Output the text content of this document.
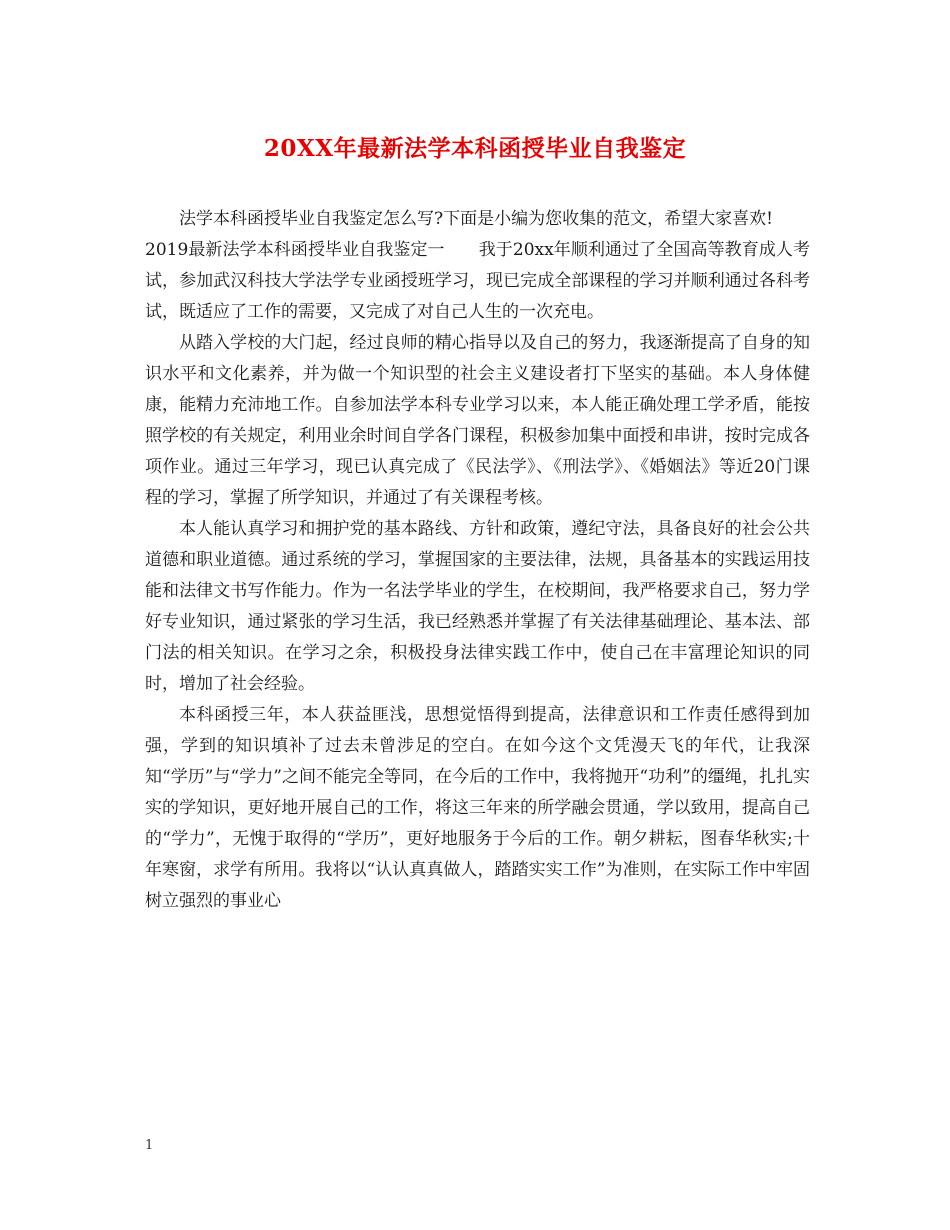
20XX年最新法学本科函授毕业自我鉴定

法学本科函授毕业自我鉴定怎么写?下面是小编为您收集的范文，希望大家喜欢!

2019最新法学本科函授毕业自我鉴定一 我于20xx年顺利通过了全国高等教育成人考试，参加武汉科技大学法学专业函授班学习，现已完成全部课程的学习并顺利通过各科考试，既适应了工作的需要，又完成了对自己人生的一次充电。

从踏入学校的大门起，经过良师的精心指导以及自己的努力，我逐渐提高了自身的知识水平和文化素养，并为做一个知识型的社会主义建设者打下坚实的基础。本人身体健康，能精力充沛地工作。自参加法学本科专业学习以来，本人能正确处理工学矛盾，能按照学校的有关规定，利用业余时间自学各门课程，积极参加集中面授和串讲，按时完成各项作业。通过三年学习，现已认真完成了《民法学》、《刑法学》、《婚姻法》等近20门课程的学习，掌握了所学知识，并通过了有关课程考核。

本人能认真学习和拥护党的基本路线、方针和政策，遵纪守法，具备良好的社会公共道德和职业道德。通过系统的学习，掌握国家的主要法律，法规，具备基本的实践运用技能和法律文书写作能力。作为一名法学毕业的学生，在校期间，我严格要求自己，努力学好专业知识，通过紧张的学习生活，我已经熟悉并掌握了有关法律基础理论、基本法、部门法的相关知识。在学习之余，积极投身法律实践工作中，使自己在丰富理论知识的同时，增加了社会经验。

本科函授三年，本人获益匪浅，思想觉悟得到提高，法律意识和工作责任感得到加强，学到的知识填补了过去未曾涉足的空白。在如今这个文凭漫天飞的年代，让我深知“学历”与“学力”之间不能完全等同，在今后的工作中，我将抛开“功利”的缰绳，扎扎实实的学知识，更好地开展自己的工作，将这三年来的所学融会贯通，学以致用，提高自己的“学力”，无愧于取得的“学历”，更好地服务于今后的工作。朝夕耕耘，图春华秋实;十年寒窗，求学有所用。我将以“认认真真做人，踏踏实实工作”为准则，在实际工作中牢固树立强烈的事业心

1
